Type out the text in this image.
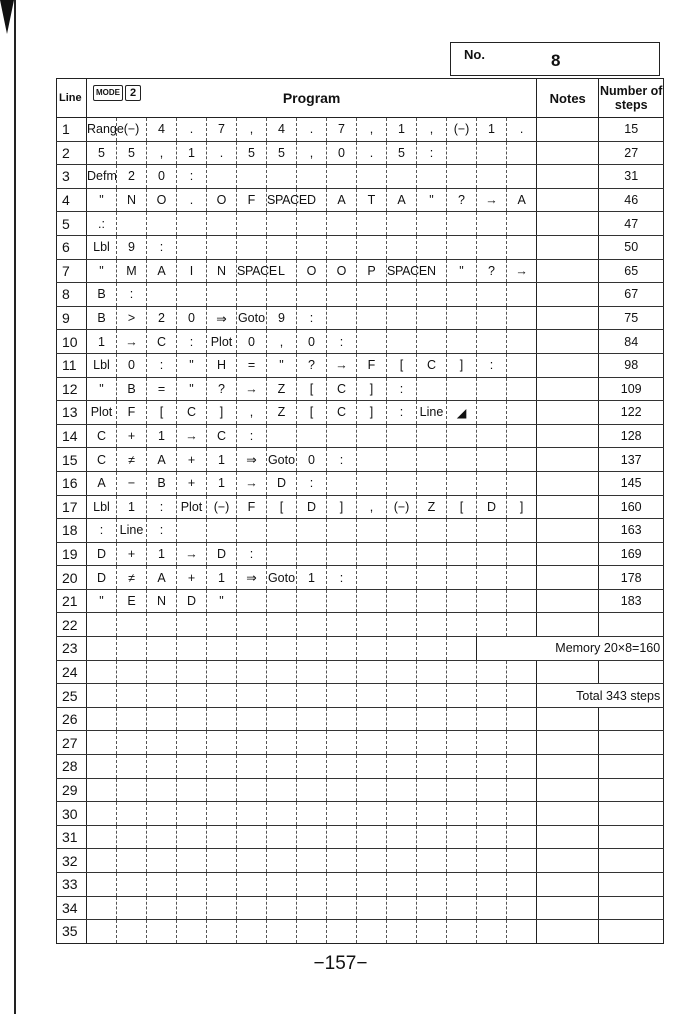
No.	8
Line	MODE 2 Program															Notes	Number of steps
1	Range	(−)	4	.	7	,	4	.	7	,	1	,	(−)	1	.		15
2	5	5	,	1	.	5	5	,	0	.	5	:					27
3	Defm	2	0	:													31
4	"	N	O	.	O	F	SPACE	D	A	T	A	"	?	→	A		46
5	.:																47
6	Lbl	9	:														50
7	"	M	A	I	N	SPACE	L	O	O	P	SPACE	N	"	?	→		65
8	B	:															67
9	B	>	2	0	⇒	Goto	9	:									75
10	1	→	C	:	Plot	0	,	0	:								84
11	Lbl	0	:	"	H	=	"	?	→	F	[	C	]	:			98
12	"	B	=	"	?	→	Z	[	C	]	:						109
13	Plot	F	[	C	]	,	Z	[	C	]	:	Line	◢				122
14	C	+	1	→	C	:											128
15	C	≠	A	+	1	⇒	Goto	0	:								137
16	A	−	B	+	1	→	D	:									145
17	Lbl	1	:	Plot	(−)	F	[	D	]	,	(−)	Z	[	D	]		160
18	:	Line	:														163
19	D	+	1	→	D	:											169
20	D	≠	A	+	1	⇒	Goto	1	:								178
21	"	E	N	D	"												183
22																	
23														Memory 20×8=160			
24																	
25																Total 343 steps	
26																	
27																	
28																	
29																	
30																	
31																	
32																	
33																	
34																	
35																	
−157−
